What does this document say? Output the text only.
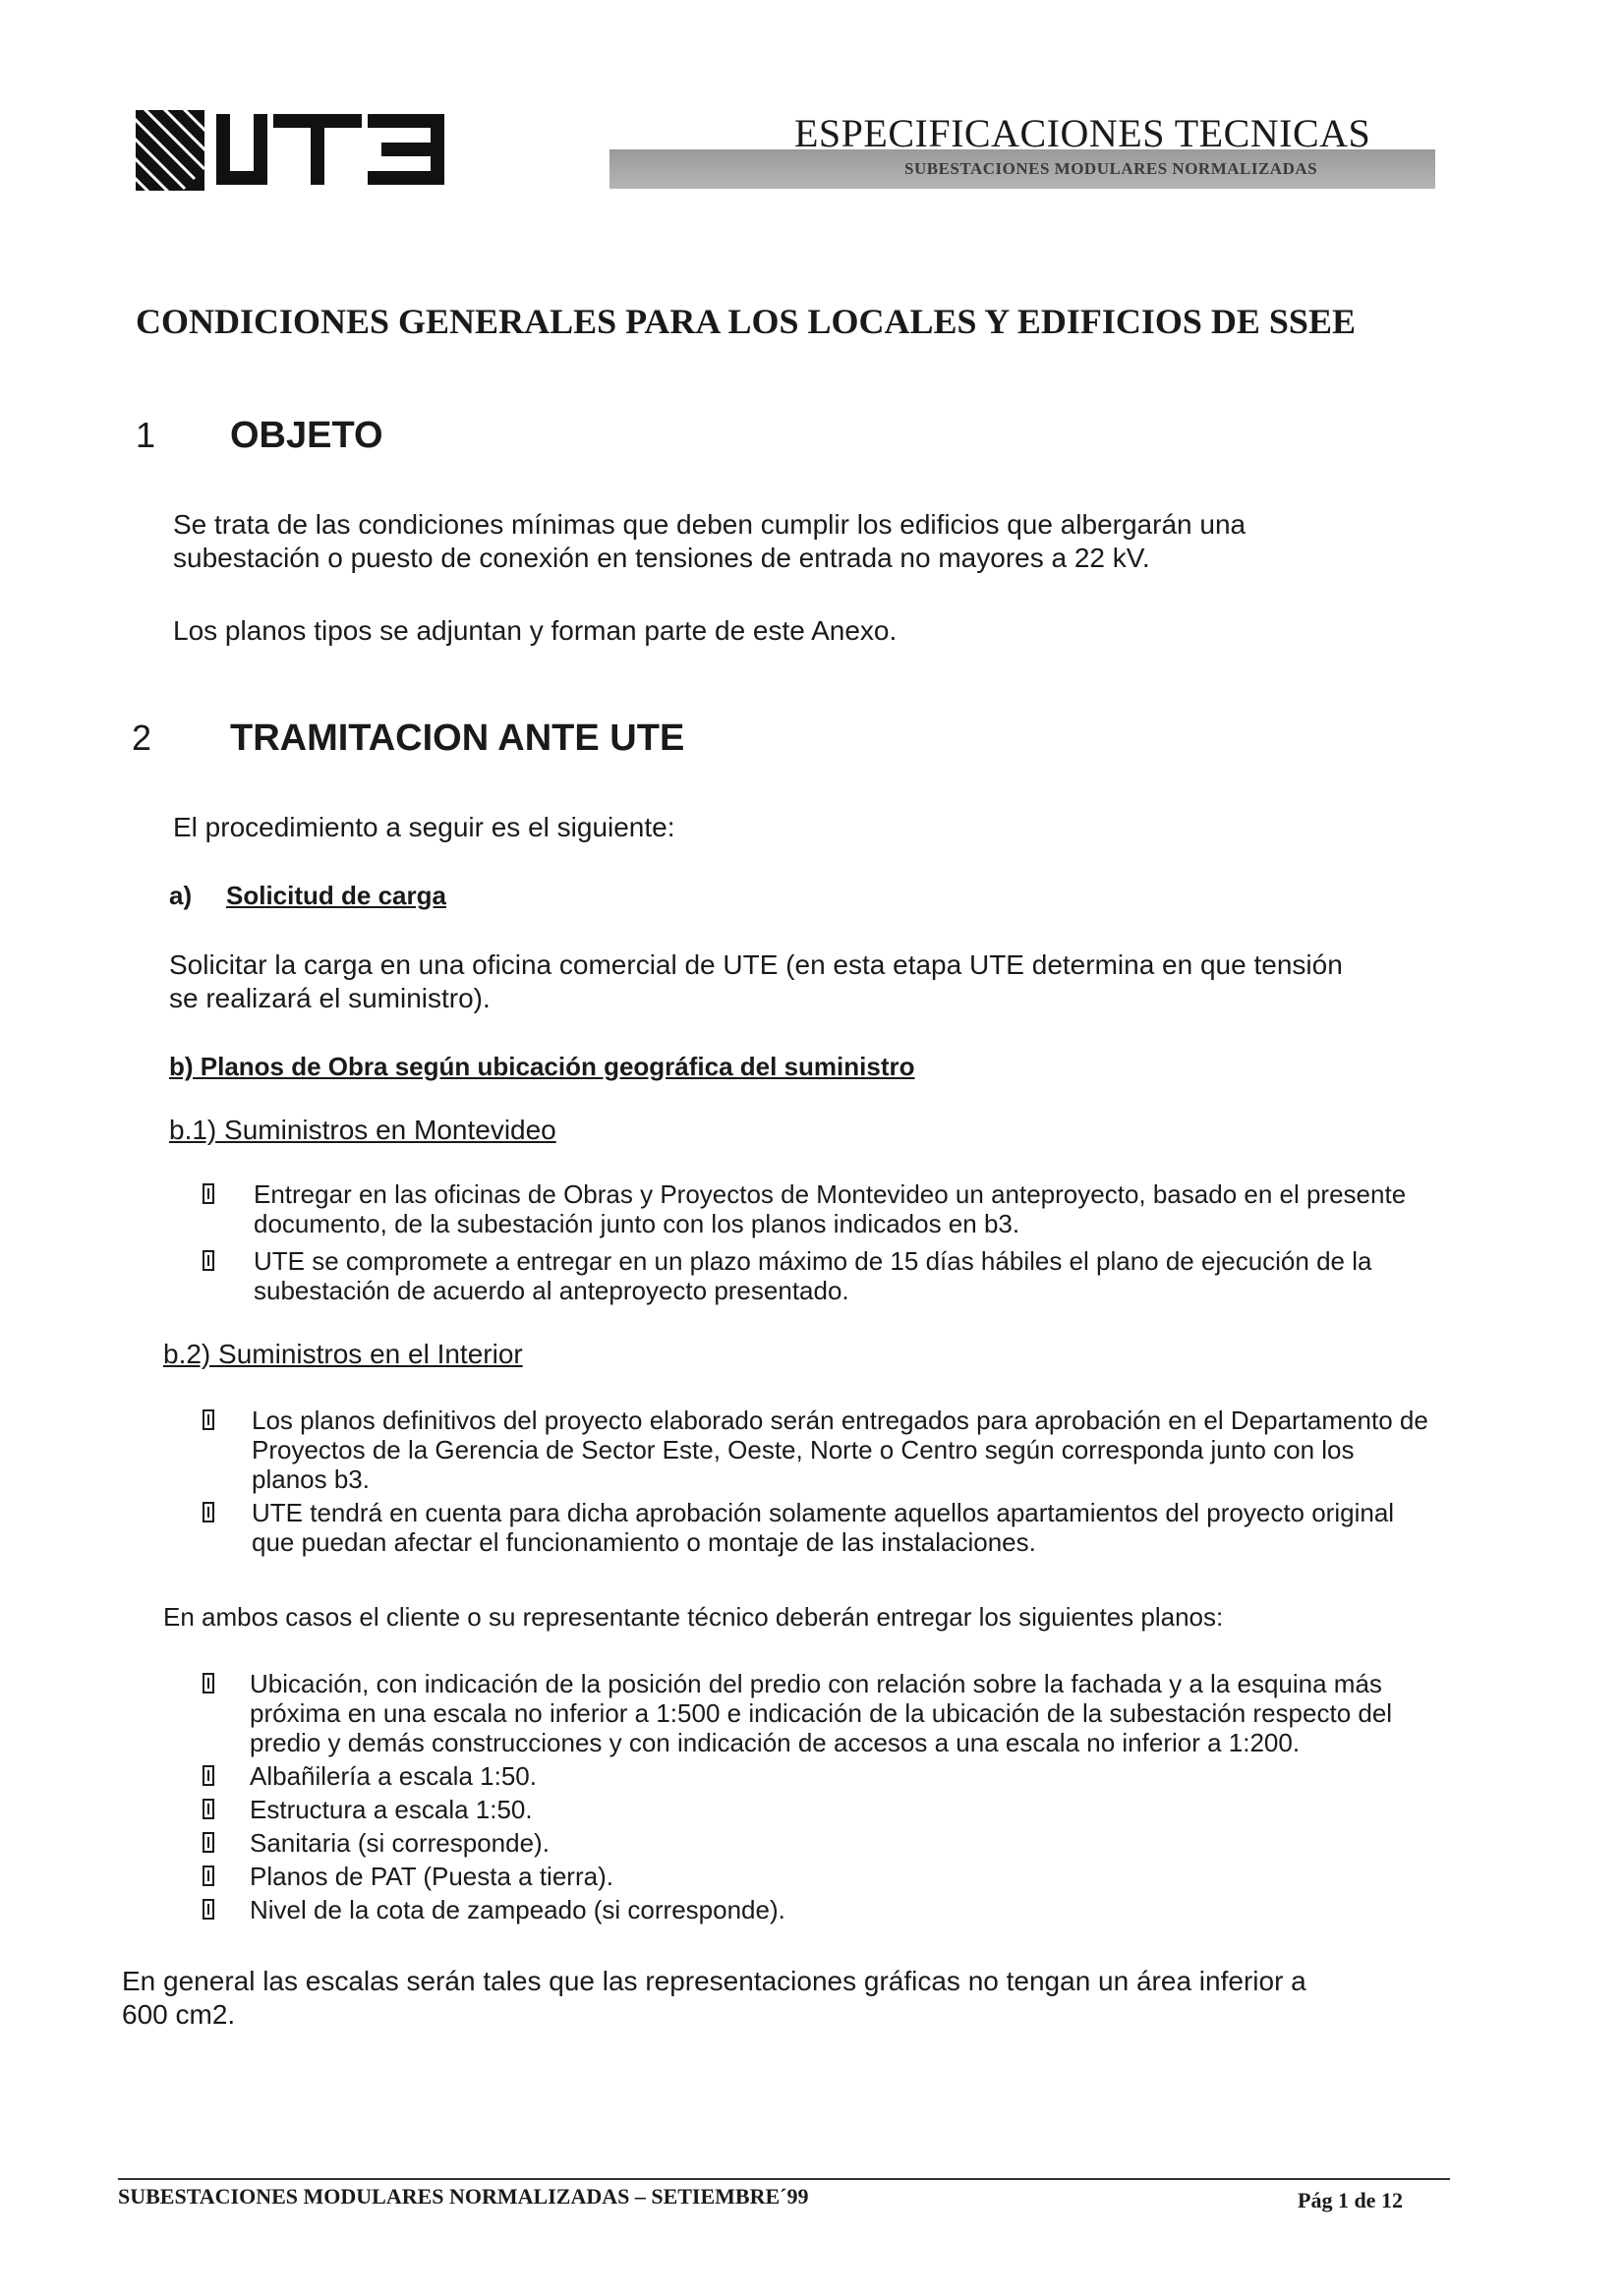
ESPECIFICACIONES TECNICAS
SUBESTACIONES MODULARES NORMALIZADAS
CONDICIONES GENERALES PARA LOS LOCALES Y EDIFICIOS DE SSEE
1 OBJETO
Se trata de las condiciones mínimas que deben cumplir los edificios que albergarán una
subestación o puesto de conexión en tensiones de entrada no mayores a 22 kV.
Los planos tipos se adjuntan y forman parte de este Anexo.
2 TRAMITACION ANTE UTE
El procedimiento a seguir es el siguiente:
a) Solicitud de carga
Solicitar la carga en una oficina comercial de UTE (en esta etapa UTE determina en que tensión
se realizará el suministro).
b) Planos de Obra según ubicación geográfica del suministro
b.1) Suministros en Montevideo
Entregar en las oficinas de Obras y Proyectos de Montevideo un anteproyecto, basado en el presente
documento, de la subestación junto con los planos indicados en b3.
UTE se compromete a entregar en un plazo máximo de 15 días hábiles el plano de ejecución de la
subestación de acuerdo al anteproyecto presentado.
b.2) Suministros en el Interior
Los planos definitivos del proyecto elaborado serán entregados para aprobación en el Departamento de
Proyectos de la Gerencia de Sector Este, Oeste, Norte o Centro según corresponda junto con los
planos b3.
UTE tendrá en cuenta para dicha aprobación solamente aquellos apartamientos del proyecto original
que puedan afectar el funcionamiento o montaje de las instalaciones.
En ambos casos el cliente o su representante técnico deberán entregar los siguientes planos:
Ubicación, con indicación de la posición del predio con relación sobre la fachada y a la esquina más
próxima en una escala no inferior a 1:500 e indicación de la ubicación de la subestación respecto del
predio y demás construcciones y con indicación de accesos a una escala no inferior a 1:200.
Albañilería a escala 1:50.
Estructura a escala 1:50.
Sanitaria (si corresponde).
Planos de PAT (Puesta a tierra).
Nivel de la cota de zampeado (si corresponde).
En general las escalas serán tales que las representaciones gráficas no tengan un área inferior a
600 cm2.
SUBESTACIONES MODULARES NORMALIZADAS – SETIEMBRE´99	Pág 1 de 12
